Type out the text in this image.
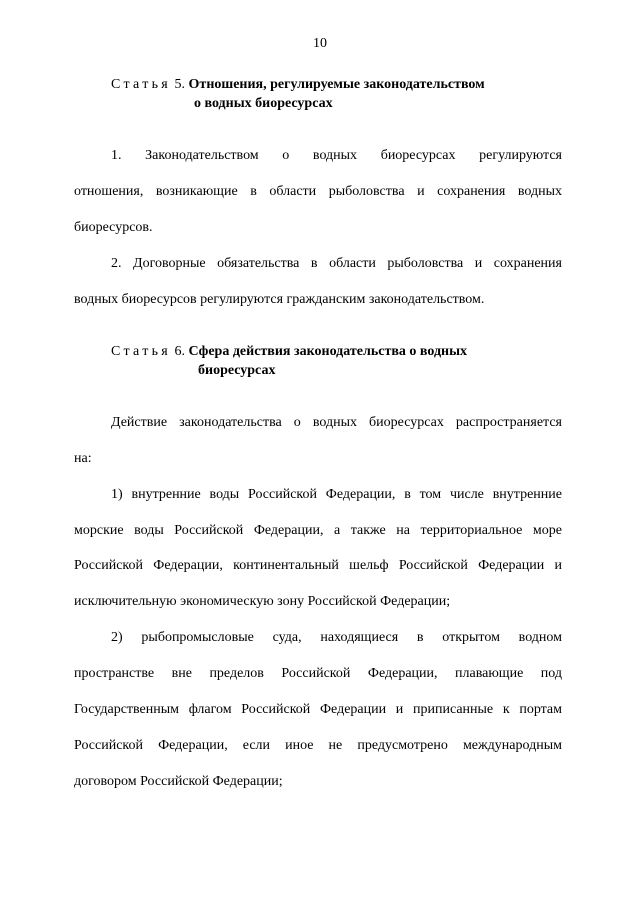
10
Статья 5. Отношения, регулируемые законодательством
о водных биоресурсах
1. Законодательством о водных биоресурсах регулируются
отношения, возникающие в области рыболовства и сохранения водных
биоресурсов.
2. Договорные обязательства в области рыболовства и сохранения
водных биоресурсов регулируются гражданским законодательством.
Статья 6. Сфера действия законодательства о водных
биоресурсах
Действие законодательства о водных биоресурсах распространяется
на:
1) внутренние воды Российской Федерации, в том числе внутренние
морские воды Российской Федерации, а также на территориальное море
Российской Федерации, континентальный шельф Российской Федерации и
исключительную экономическую зону Российской Федерации;
2) рыбопромысловые суда, находящиеся в открытом водном
пространстве вне пределов Российской Федерации, плавающие под
Государственным флагом Российской Федерации и приписанные к портам
Российской Федерации, если иное не предусмотрено международным
договором Российской Федерации;
